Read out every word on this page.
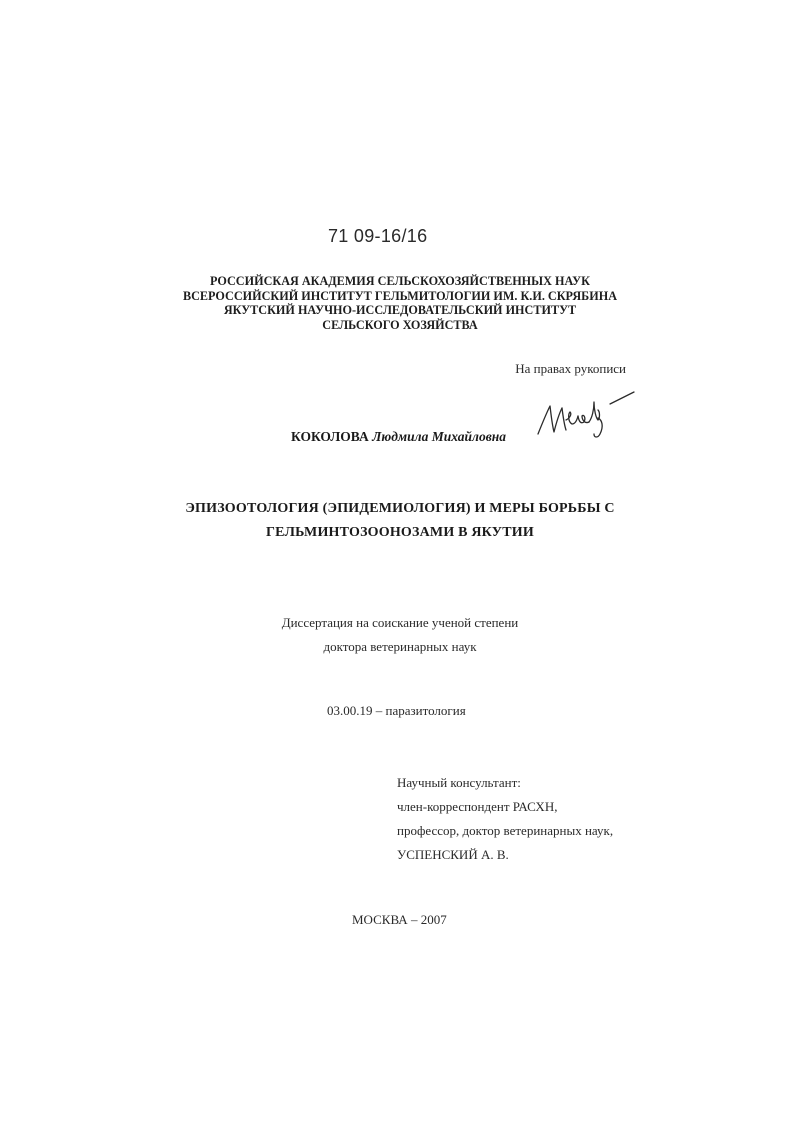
71 09-16/16
РОССИЙСКАЯ АКАДЕМИЯ СЕЛЬСКОХОЗЯЙСТВЕННЫХ НАУК
ВСЕРОССИЙСКИЙ ИНСТИТУТ ГЕЛЬМИТОЛОГИИ ИМ. К.И. СКРЯБИНА
ЯКУТСКИЙ НАУЧНО-ИССЛЕДОВАТЕЛЬСКИЙ ИНСТИТУТ
СЕЛЬСКОГО ХОЗЯЙСТВА
На правах рукописи
КОКОЛОВА Людмила Михайловна
ЭПИЗООТОЛОГИЯ (ЭПИДЕМИОЛОГИЯ) И МЕРЫ БОРЬБЫ С
ГЕЛЬМИНТОЗООНОЗАМИ В ЯКУТИИ
Диссертация на соискание ученой степени
доктора ветеринарных наук
03.00.19 – паразитология
Научный консультант:
член-корреспондент РАСХН,
профессор, доктор ветеринарных наук,
УСПЕНСКИЙ А. В.
МОСКВА – 2007
